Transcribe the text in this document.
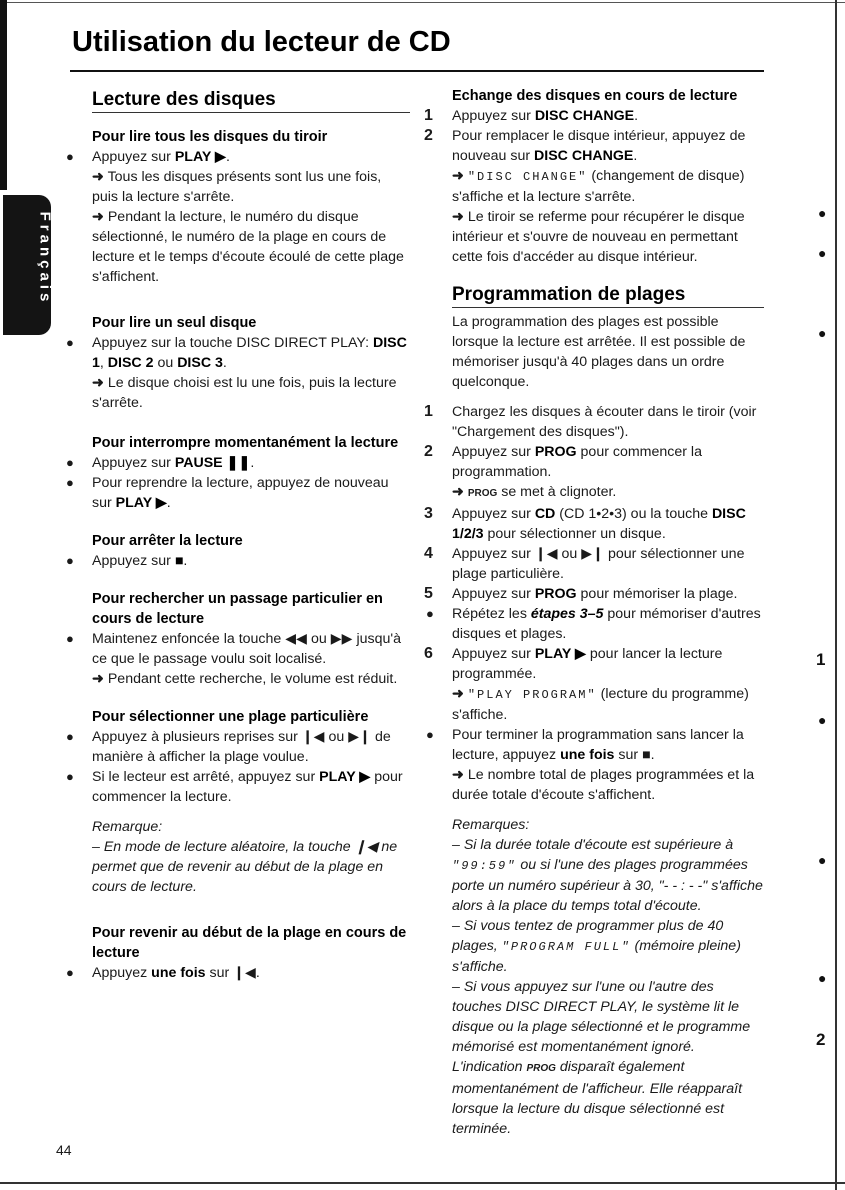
Français
Utilisation du lecteur de CD
Lecture des disques
Pour lire tous les disques du tiroir
● Appuyez sur PLAY ▶.
➜ Tous les disques présents sont lus une fois, puis la lecture s'arrête.
➜ Pendant la lecture, le numéro du disque sélectionné, le numéro de la plage en cours de lecture et le temps d'écoute écoulé de cette plage s'affichent.
Pour lire un seul disque
● Appuyez sur la touche DISC DIRECT PLAY: DISC 1, DISC 2 ou DISC 3.
➜ Le disque choisi est lu une fois, puis la lecture s'arrête.
Pour interrompre momentanément la lecture
● Appuyez sur PAUSE ❚❚.
● Pour reprendre la lecture, appuyez de nouveau sur PLAY ▶.
Pour arrêter la lecture
● Appuyez sur ■.
Pour rechercher un passage particulier en cours de lecture
● Maintenez enfoncée la touche ◀◀ ou ▶▶ jusqu'à ce que le passage voulu soit localisé.
➜ Pendant cette recherche, le volume est réduit.
Pour sélectionner une plage particulière
● Appuyez à plusieurs reprises sur ❙◀ ou ▶❙ de manière à afficher la plage voulue.
● Si le lecteur est arrêté, appuyez sur PLAY ▶ pour commencer la lecture.
Remarque:
– En mode de lecture aléatoire, la touche ❙◀ ne permet que de revenir au début de la plage en cours de lecture.
Pour revenir au début de la plage en cours de lecture
● Appuyez une fois sur ❙◀.
Echange des disques en cours de lecture
1 Appuyez sur DISC CHANGE.
2 Pour remplacer le disque intérieur, appuyez de nouveau sur DISC CHANGE.
➜ "DISC CHANGE" (changement de disque) s'affiche et la lecture s'arrête.
➜ Le tiroir se referme pour récupérer le disque intérieur et s'ouvre de nouveau en permettant cette fois d'accéder au disque intérieur.
Programmation de plages
La programmation des plages est possible lorsque la lecture est arrêtée. Il est possible de mémoriser jusqu'à 40 plages dans un ordre quelconque.
1 Chargez les disques à écouter dans le tiroir (voir "Chargement des disques").
2 Appuyez sur PROG pour commencer la programmation.
➜ PROG se met à clignoter.
3 Appuyez sur CD (CD 1•2•3) ou la touche DISC 1/2/3 pour sélectionner un disque.
4 Appuyez sur ❙◀ ou ▶❙ pour sélectionner une plage particulière.
5 Appuyez sur PROG pour mémoriser la plage.
● Répétez les étapes 3–5 pour mémoriser d'autres disques et plages.
6 Appuyez sur PLAY ▶ pour lancer la lecture programmée.
➜ "PLAY PROGRAM" (lecture du programme) s'affiche.
● Pour terminer la programmation sans lancer la lecture, appuyez une fois sur ■.
➜ Le nombre total de plages programmées et la durée totale d'écoute s'affichent.
Remarques:
– Si la durée totale d'écoute est supérieure à "99:59" ou si l'une des plages programmées porte un numéro supérieur à 30, "- - : - -" s'affiche alors à la place du temps total d'écoute.
– Si vous tentez de programmer plus de 40 plages, "PROGRAM FULL" (mémoire pleine) s'affiche.
– Si vous appuyez sur l'une ou l'autre des touches DISC DIRECT PLAY, le système lit le disque ou la plage sélectionné et le programme mémorisé est momentanément ignoré. L'indication PROG disparaît également momentanément de l'afficheur. Elle réapparaît lorsque la lecture du disque sélectionné est terminée.
●
●
●
1
●
●
●
2
44
